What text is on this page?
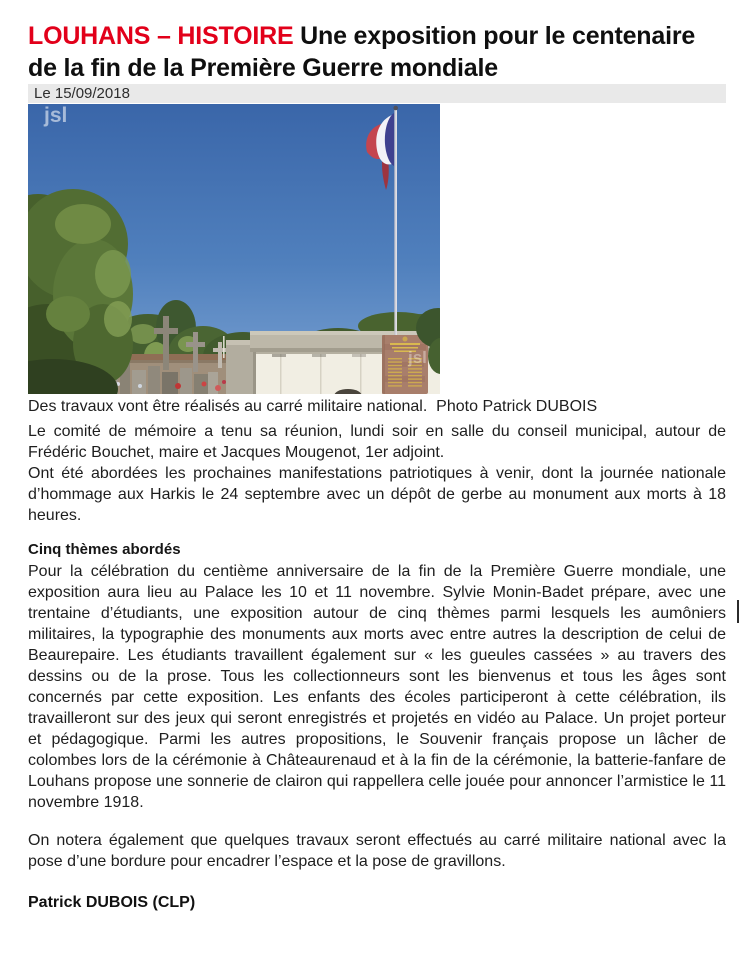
LOUHANS – HISTOIRE Une exposition pour le centenaire de la fin de la Première Guerre mondiale
Le 15/09/2018
jsl
jsl

Des travaux vont être réalisés au carré militaire national.  Photo Patrick DUBOIS

Le comité de mémoire a tenu sa réunion, lundi soir en salle du conseil municipal, autour de Frédéric Bouchet, maire et Jacques Mougenot, 1er adjoint.

Ont été abordées les prochaines manifestations patriotiques à venir, dont la journée nationale d’hommage aux Harkis le 24 septembre avec un dépôt de gerbe au monument aux morts à 18 heures.

Cinq thèmes abordés

Pour la célébration du centième anniversaire de la fin de la Première Guerre mondiale, une exposition aura lieu au Palace les 10 et 11 novembre. Sylvie Monin-Badet prépare, avec une trentaine d’étudiants, une exposition autour de cinq thèmes parmi lesquels les aumôniers militaires, la typographie des monuments aux morts avec entre autres la description de celui de Beaurepaire. Les étudiants travaillent également sur « les gueules cassées » au travers des dessins ou de la prose. Tous les collectionneurs sont les bienvenus et tous les âges sont concernés par cette exposition. Les enfants des écoles participeront à cette célébration, ils travailleront sur des jeux qui seront enregistrés et projetés en vidéo au Palace. Un projet porteur et pédagogique. Parmi les autres propositions, le Souvenir français propose un lâcher de colombes lors de la cérémonie à Châteaurenaud et à la fin de la cérémonie, la batterie-fanfare de Louhans propose une sonnerie de clairon qui rappellera celle jouée pour annoncer l’armistice le 11 novembre 1918.

On notera également que quelques travaux seront effectués au carré militaire national avec la pose d’une bordure pour encadrer l’espace et la pose de gravillons.

Patrick DUBOIS (CLP)
